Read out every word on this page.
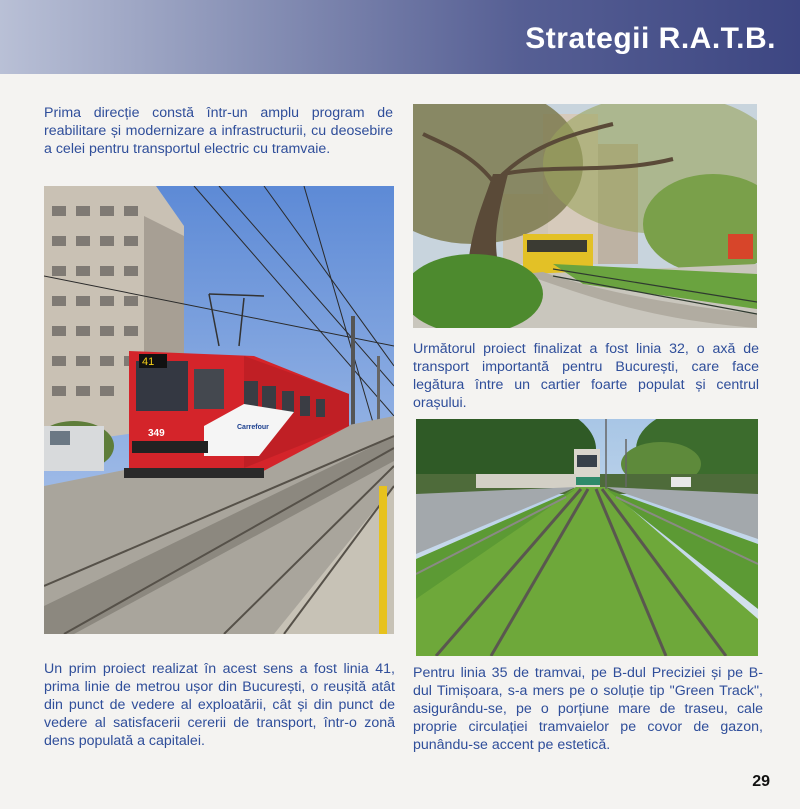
Strategii R.A.T.B.
Prima direcție constă într-un amplu program de reabilitare și modernizare a infrastructurii, cu deosebire a celei pentru transportul electric cu tramvaie.
Următorul proiect finalizat a fost linia 32, o axă de transport importantă pentru București, care face legătura între un cartier foarte populat și centrul orașului.
Un prim proiect realizat în acest sens a fost linia 41, prima linie de metrou ușor din București, o reușită atât din punct de vedere al exploatării, cât și din punct de vedere al satisfacerii cererii de transport, într-o zonă dens populată a capitalei.
Pentru linia 35 de tramvai, pe B-dul Preciziei și pe B-dul Timișoara, s-a mers pe o soluție tip "Green Track", asigurându-se, pe o porțiune mare de traseu, cale proprie circulației tramvaielor pe covor de gazon, punându-se accent pe estetică.
41
349
Carrefour
29
